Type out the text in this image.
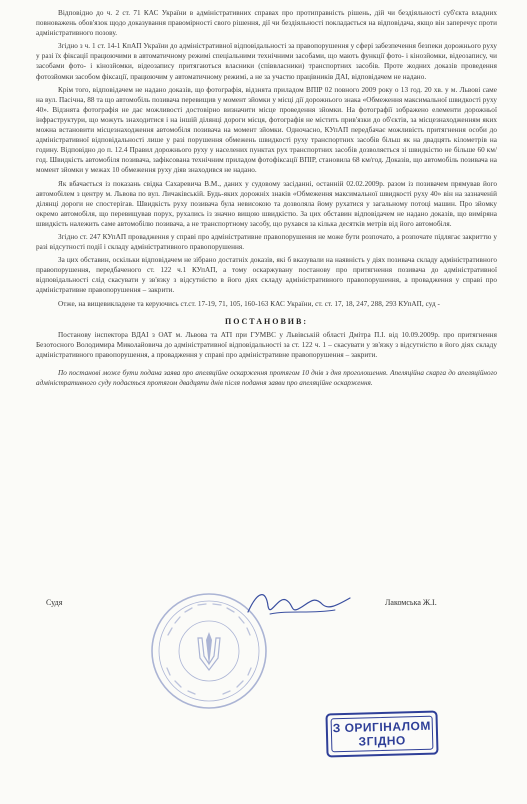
Відповідно до ч. 2 ст. 71 КАС України в адміністративних справах про протиправність рішень, дій чи бездіяльності суб'єкта владних повноважень обов'язок щодо доказування правомірності свого рішення, дії чи бездіяльності покладається на відповідача, якщо він заперечує проти адміністративного позову.

Згідно з ч. 1 ст. 14-1 КпАП України до адміністративної відповідальності за правопорушення у сфері забезпечення безпеки дорожнього руху у разі їх фіксації працюючими в автоматичному режимі спеціальними технічними засобами, що мають функції фото- і кінозйомки, відеозапису, чи засобами фото- і кінозйомки, відеозапису притягаються власники (співвласники) транспортних засобів. Проте жодних доказів проведення фотозйомки засобом фіксації, працюючим у автоматичному режимі, а не за участю працівників ДАІ, відповідачем не надано.

Крім того, відповідачем не надано доказів, що фотографія, відзнята приладом ВПІР 02 повного 2009 року о 13 год. 20 хв. у м. Львові саме на вул. Пасічна, 88 та що автомобіль позивача перевищив у момент зйомки у місці дії дорожнього знака «Обмеження максимальної швидкості руху 40». Відзнята фотографія не дає можливості достовірно визначити місце проведення зйомки. На фотографії зображено елементи дорожньої інфраструктури, що можуть знаходитися і на іншій ділянці дороги місця, фотографія не містить прив'язки до об'єктів, за місцезнаходженням яких можна встановити місцезнаходження автомобіля позивача на момент зйомки. Одночасно, КУпАП передбачає можливість притягнення особи до адміністративної відповідальності лише у разі порушення обмежень швидкості руху транспортних засобів більш як на двадцять кілометрів на годину. Відповідно до п. 12.4 Правил дорожнього руху у населених пунктах рух транспортних засобів дозволяється зі швидкістю не більше 60 км/год. Швидкість автомобіля позивача, зафіксована технічним приладом фотофіксації ВПІР, становила 68 км/год. Доказів, що автомобіль позивача на момент зйомки у межах 10 обмеження руху діяв знаходився не надано.

Як вбачається із показань свідка Сахаревича В.М., даних у судовому засіданні, останній 02.02.2009р. разом із позивачем прямував його автомобілем з центру м. Львова по вул. Личаківській. Будь-яких дорожніх знаків «Обмеження максимальної швидкості руху 40» він на зазначеній ділянці дороги не спостерігав. Швидкість руху позивача була невисокою та дозволяла йому рухатися у загальному потоці машин. Про зйомку окремо автомобіля, що перевищував порух, рухались із значно вищою швидкістю. За цих обставин відповідачем не надано доказів, що виміряна швидкість належить саме автомобілю позивача, а не транспортному засобу, що рухався за кілька десятків метрів від його автомобіля.

Згідно ст. 247 КУпАП провадження у справі про адміністративне правопорушення не може бути розпочато, а розпочате підлягає закриттю у разі відсутності події і складу адміністративного правопорушення.

За цих обставин, оскільки відповідачем не зібрано достатніх доказів, які б вказували на наявність у діях позивача складу адміністративного правопорушення, передбаченого ст. 122 ч.1 КУпАП, а тому оскаржувану постанову про притягнення позивача до адміністративної відповідальності слід скасувати у зв'язку з відсутністю в його діях складу адміністративного правопорушення, а провадження у справі про адміністративне правопорушення – закрити.

Отже, на вищевикладене та керуючись ст.ст. 17-19, 71, 105, 160-163 КАС України, ст. ст. 17, 18, 247, 288, 293 КУпАП, суд -

ПОСТАНОВИВ:

Постанову інспектора ВДАІ з ОАТ м. Львова та АТІ при ГУМВС у Львівській області Дмітра П.І. від 10.09.2009р. про притягнення Безотосного Володимира Миколайовича до адміністративної відповідальності за ст. 122 ч. 1 – скасувати у зв'язку з відсутністю в його діях складу адміністративного правопорушення, а провадження у справі про адміністративне правопорушення – закрити.

По постанові може бути подана заява про апеляційне оскарження протягом 10 днів з дня проголошення. Апеляційна скарга до апеляційного адміністративного суду подається протягом двадцяти днів після подання заяви про апеляційне оскарження.

Судя	Лакомська Ж.І.
З ОРИГІНАЛОМ
ЗГІДНО
